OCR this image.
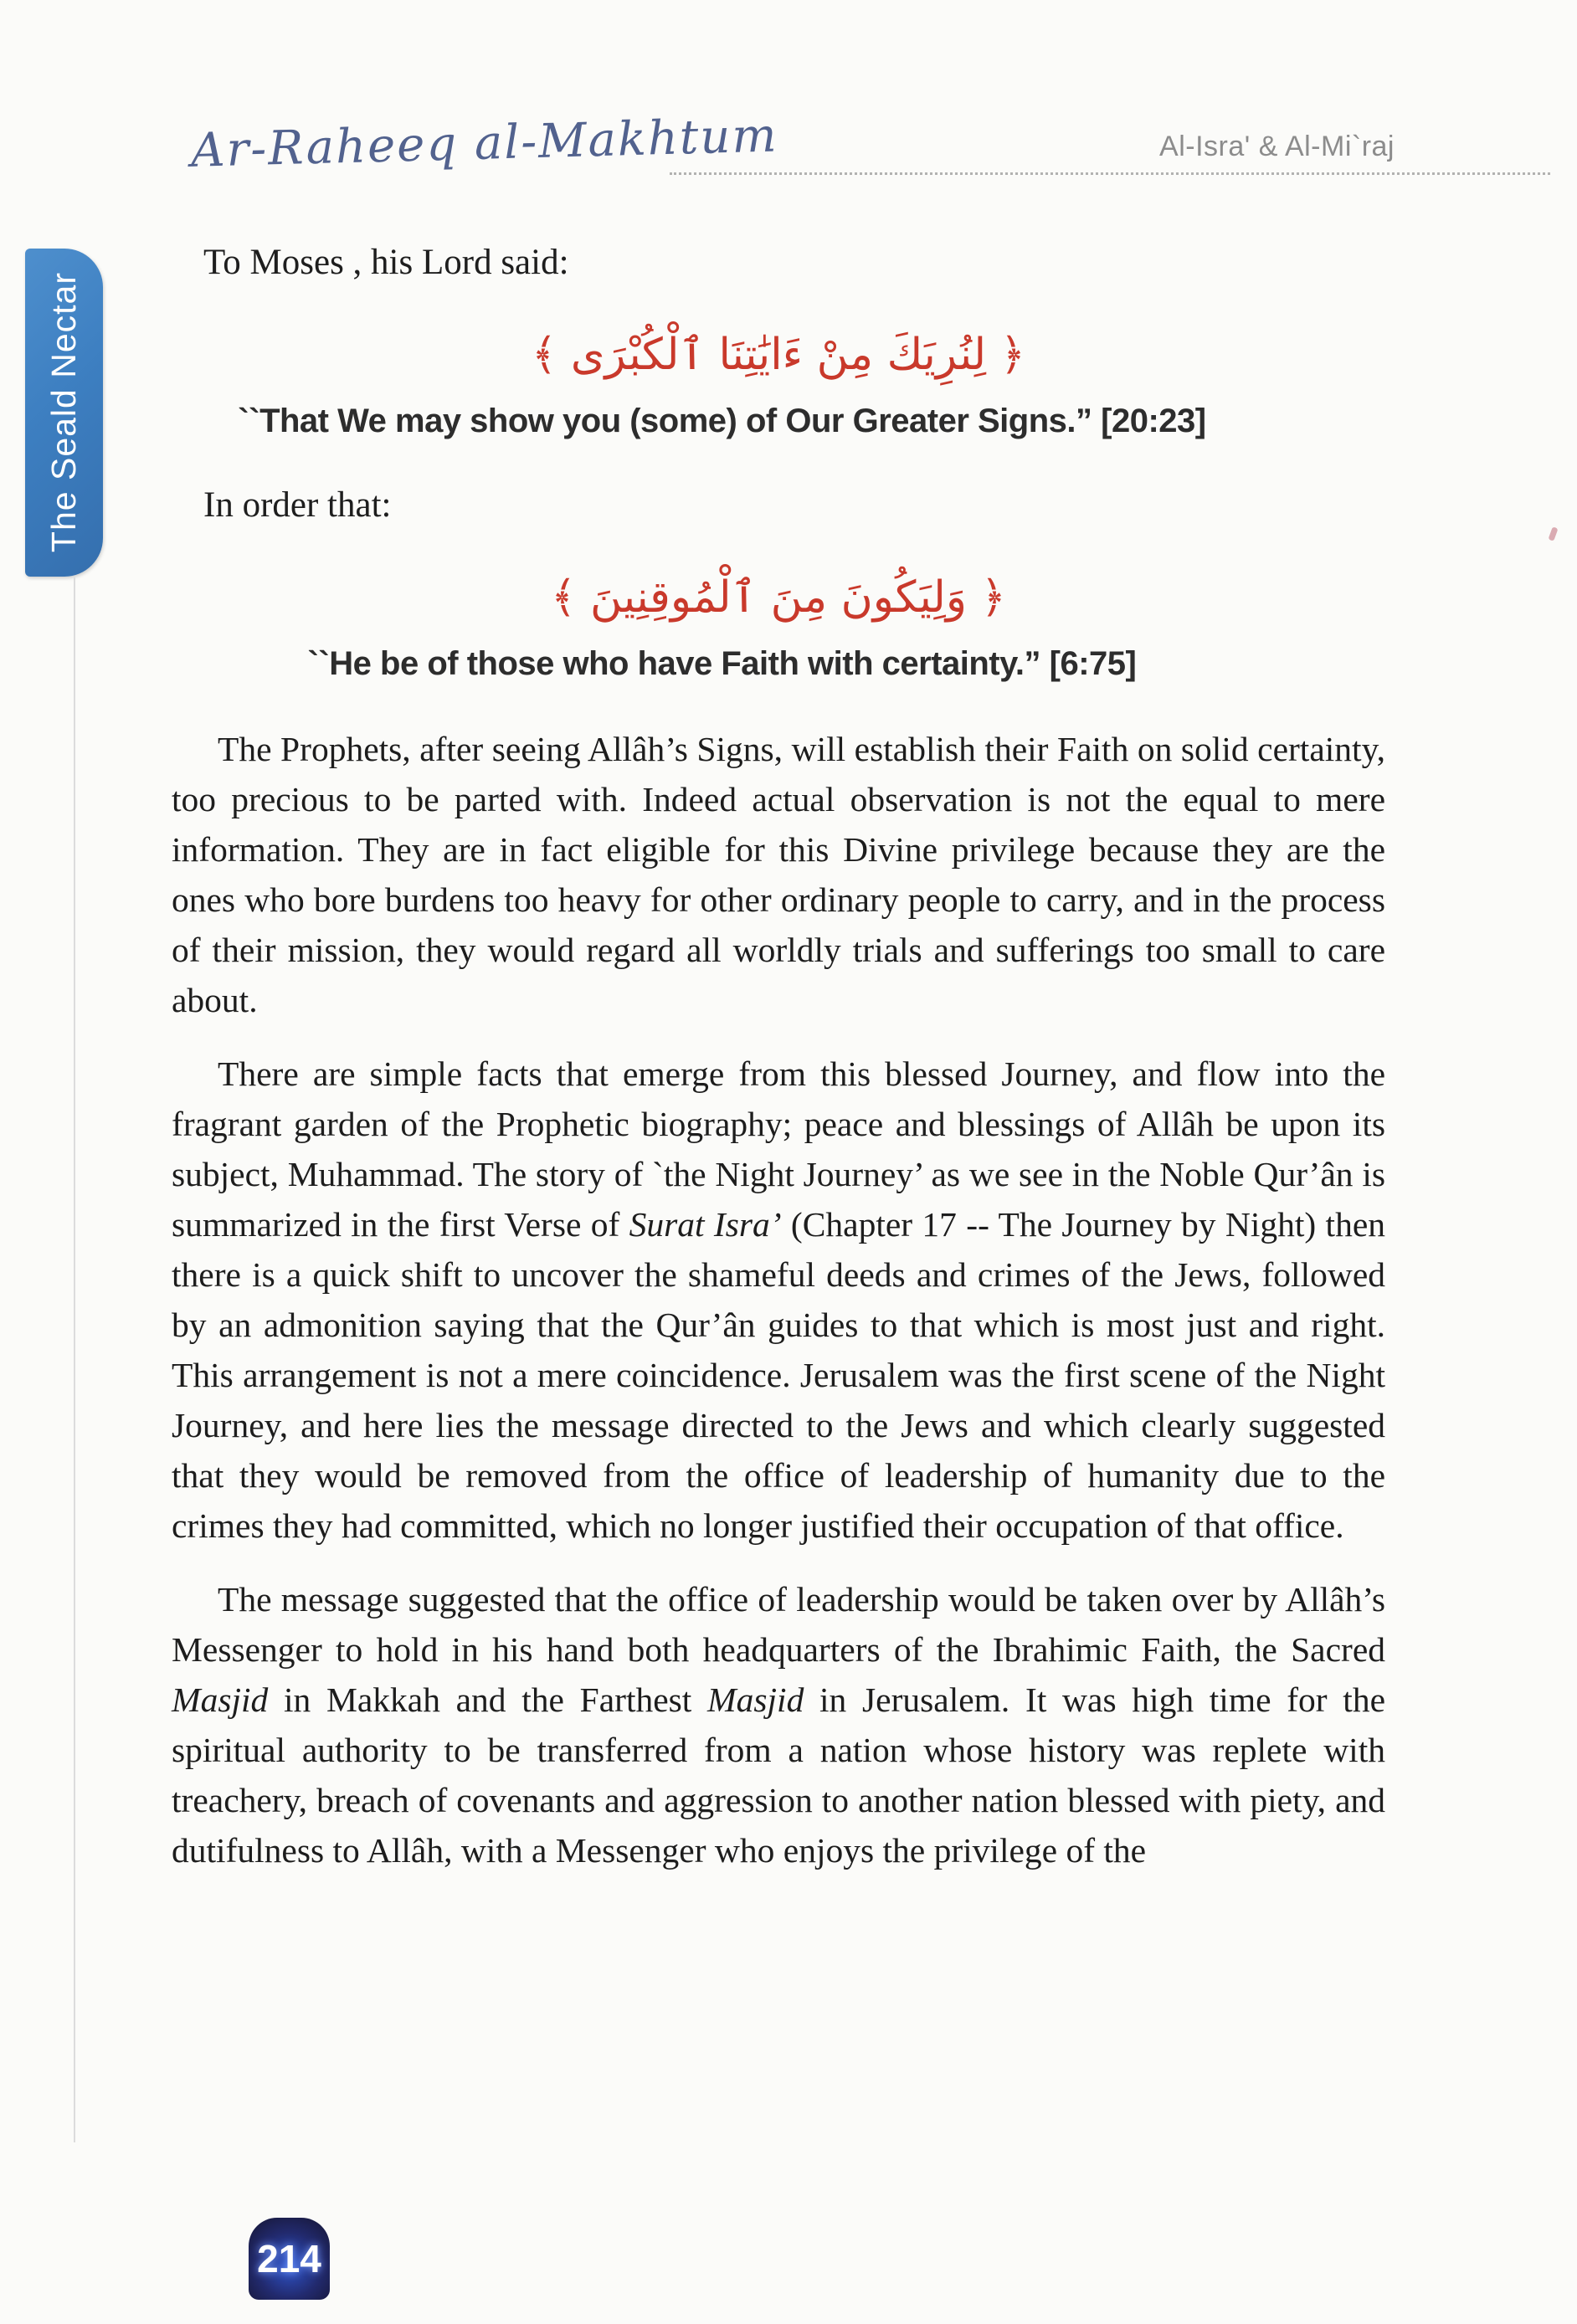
Ar-Raheeq al-Makhtum	Al-Isra' & Al-Mi`raj
The Seald Nectar

To Moses , his Lord said:

﴿ لِنُرِيَكَ مِنْ ءَايَٰتِنَا ٱلْكُبْرَى ﴾
``That We may show you (some) of Our Greater Signs.” [20:23]

In order that:

﴿ وَلِيَكُونَ مِنَ ٱلْمُوقِنِينَ ﴾
``He be of those who have Faith with certainty.” [6:75]

The Prophets, after seeing Allâh’s Signs, will establish their Faith on solid certainty, too precious to be parted with. Indeed actual observation is not the equal to mere information. They are in fact eligible for this Divine privilege because they are the ones who bore burdens too heavy for other ordinary people to carry, and in the process of their mission, they would regard all worldly trials and sufferings too small to care about.

There are simple facts that emerge from this blessed Journey, and flow into the fragrant garden of the Prophetic biography; peace and blessings of Allâh be upon its subject, Muhammad. The story of `the Night Journey’ as we see in the Noble Qur’ân is summarized in the first Verse of Surat Isra’ (Chapter 17 -- The Journey by Night) then there is a quick shift to uncover the shameful deeds and crimes of the Jews, followed by an admonition saying that the Qur’ân guides to that which is most just and right. This arrangement is not a mere coincidence. Jerusalem was the first scene of the Night Journey, and here lies the message directed to the Jews and which clearly suggested that they would be removed from the office of leadership of humanity due to the crimes they had committed, which no longer justified their occupation of that office.

The message suggested that the office of leadership would be taken over by Allâh’s Messenger to hold in his hand both headquarters of the Ibrahimic Faith, the Sacred Masjid in Makkah and the Farthest Masjid in Jerusalem. It was high time for the spiritual authority to be transferred from a nation whose history was replete with treachery, breach of covenants and aggression to another nation blessed with piety, and dutifulness to Allâh, with a Messenger who enjoys the privilege of the

214
